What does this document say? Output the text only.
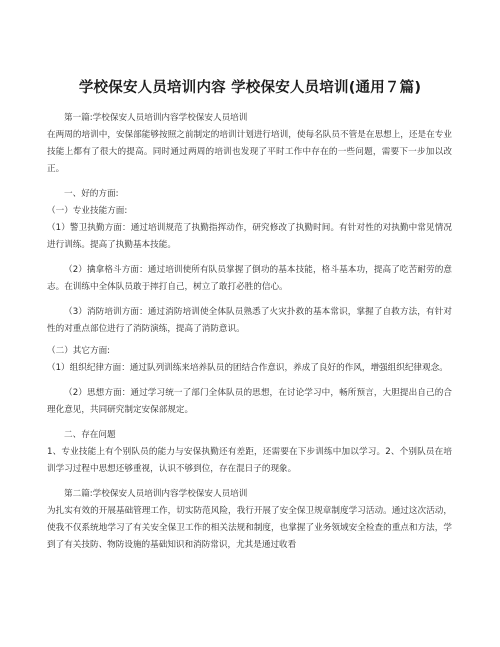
学校保安人员培训内容 学校保安人员培训(通用７篇)

第一篇:学校保安人员培训内容学校保安人员培训

在两周的培训中，安保部能够按照之前制定的培训计划进行培训，使每名队员不管是在思想上，还是在专业技能上都有了很大的提高。同时通过两周的培训也发现了平时工作中存在的一些问题，需要下一步加以改正。

一、好的方面:

（一）专业技能方面:

（1）警卫执勤方面：通过培训规范了执勤指挥动作，研究修改了执勤时间。有针对性的对执勤中常见情况进行训练。提高了执勤基本技能。

（2）擒拿格斗方面：通过培训使所有队员掌握了倒功的基本技能，格斗基本功，提高了吃苦耐劳的意志。在训练中全体队员敢于摔打自己，树立了敢打必胜的信心。

（3）消防培训方面：通过消防培训使全体队员熟悉了火灾扑救的基本常识，掌握了自救方法，有针对性的对重点部位进行了消防演练，提高了消防意识。

（二）其它方面:

（1）组织纪律方面：通过队列训练来培养队员的团结合作意识，养成了良好的作风，增强组织纪律观念。

（2）思想方面：通过学习统一了部门全体队员的思想，在讨论学习中，畅所预言，大胆提出自己的合理化意见，共同研究制定安保部规定。

二、存在问题

1、专业技能上有个别队员的能力与安保执勤还有差距，还需要在下步训练中加以学习。2、个别队员在培训学习过程中思想还够重视，认识不够到位，存在混日子的现象。

第二篇:学校保安人员培训内容学校保安人员培训

为扎实有效的开展基础管理工作，切实防范风险，我行开展了安全保卫规章制度学习活动。通过这次活动，使我不仅系统地学习了有关安全保卫工作的相关法规和制度，也掌握了业务领域安全检查的重点和方法，学到了有关技防、物防设施的基础知识和消防常识，尤其是通过收看
